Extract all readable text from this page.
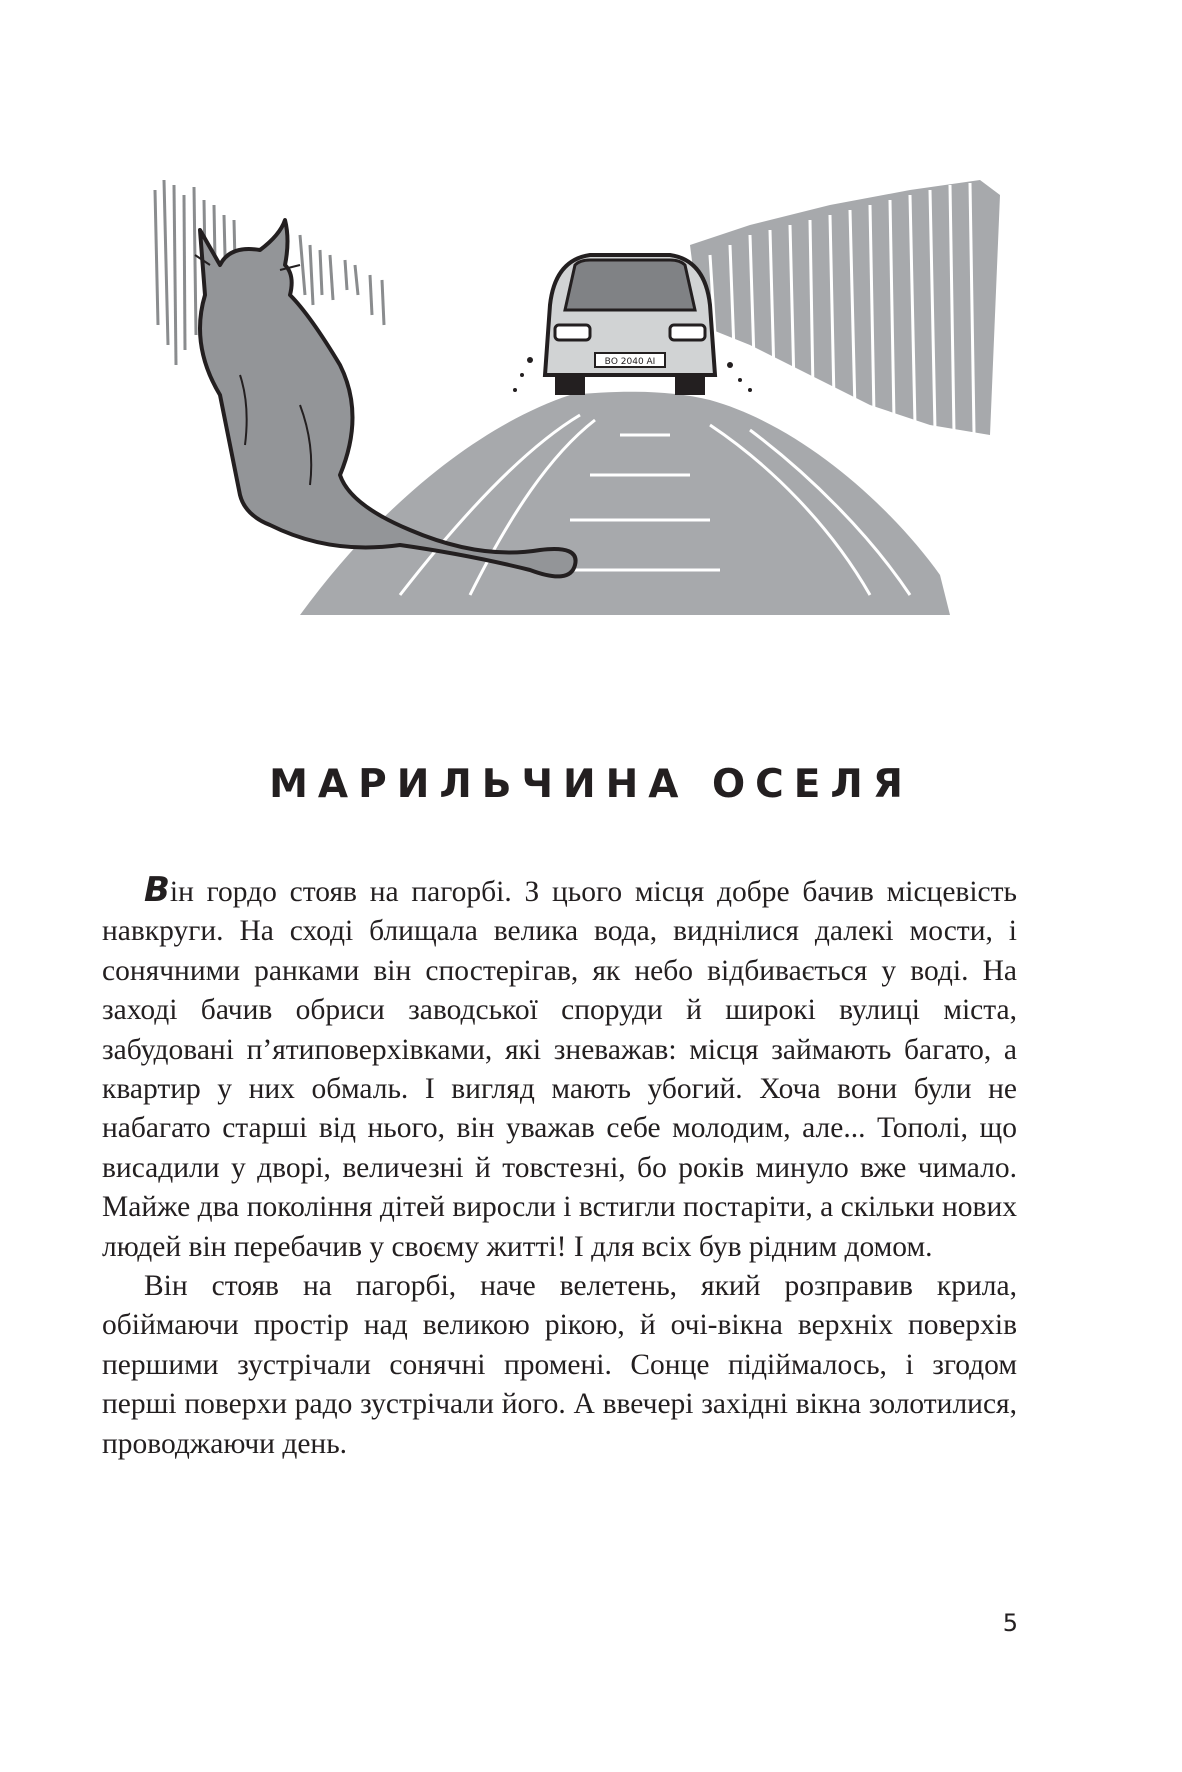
ВО 2040 АІ
МАРИЛЬЧИНА ОСЕЛЯ

Він гордо стояв на пагорбі. З цього місця добре бачив місцевість навкруги. На сході блищала велика вода, виднілися далекі мости, і сонячними ранками він спостерігав, як небо відбивається у воді. На заході бачив обриси заводської споруди й широкі вулиці міста, забудовані п’ятиповерхівками, які зневажав: місця займають багато, а квартир у них обмаль. І вигляд мають убогий. Хоча вони були не набагато старші від нього, він уважав себе молодим, але... Тополі, що висадили у дворі, величезні й товстезні, бо років минуло вже чимало. Майже два покоління дітей виросли і встигли постаріти, а скільки нових людей він перебачив у своєму житті! І для всіх був рідним домом.

Він стояв на пагорбі, наче велетень, який розправив крила, обіймаючи простір над великою рікою, й очі-вікна верхніх поверхів першими зустрічали сонячні промені. Сонце підіймалось, і згодом перші поверхи радо зустрічали його. А ввечері західні вікна золотилися, проводжаючи день.

5
